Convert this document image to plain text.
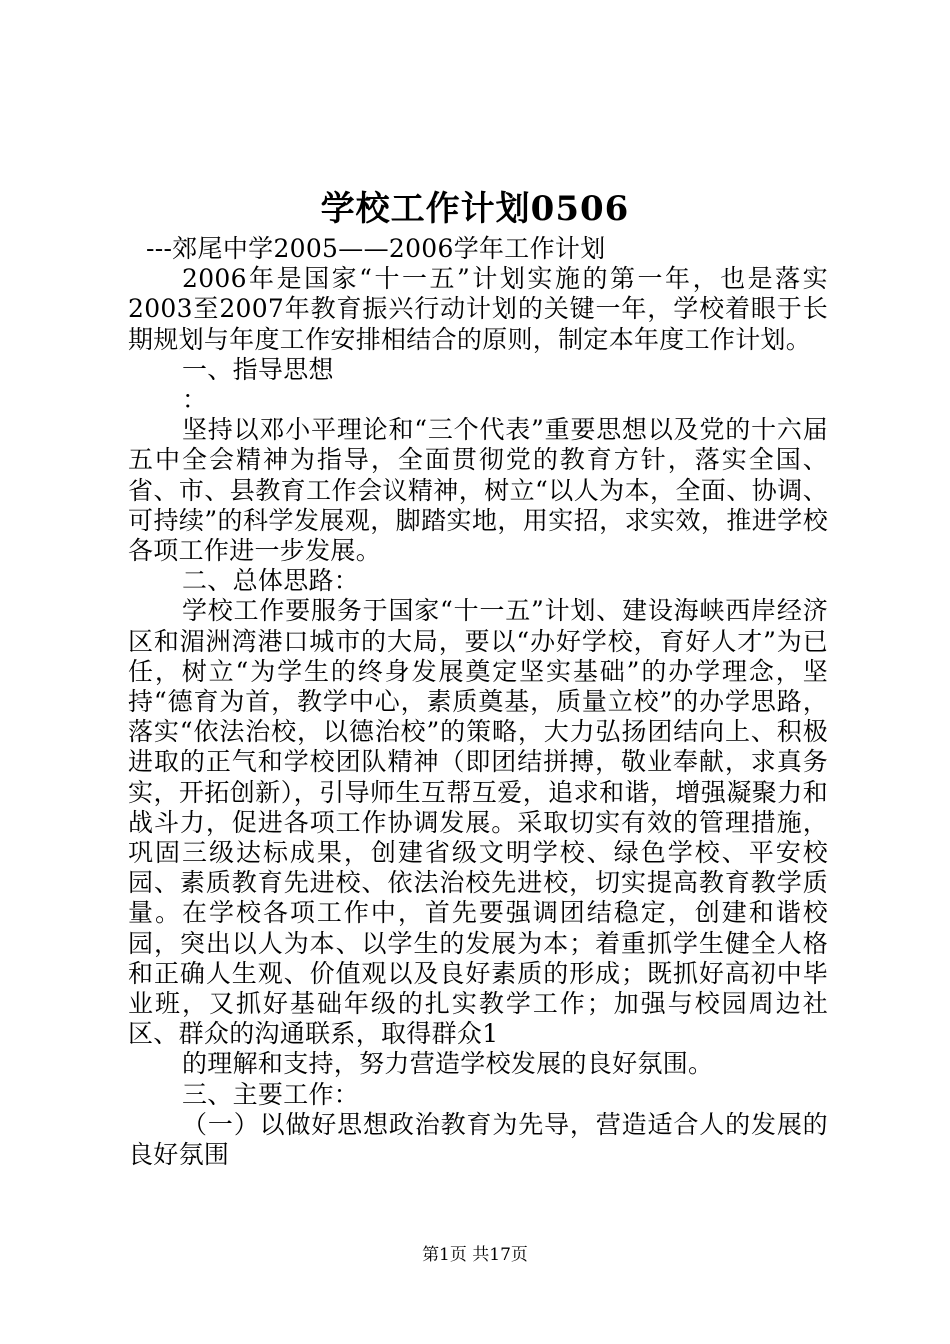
学校工作计划0506

---郊尾中学2005——2006学年工作计划

2006年是国家“十一五”计划实施的第一年，也是落实2003至2007年教育振兴行动计划的关键一年，学校着眼于长期规划与年度工作安排相结合的原则，制定本年度工作计划。

一、指导思想

：

坚持以邓小平理论和“三个代表”重要思想以及党的十六届五中全会精神为指导，全面贯彻党的教育方针，落实全国、省、市、县教育工作会议精神，树立“以人为本，全面、协调、可持续”的科学发展观，脚踏实地，用实招，求实效，推进学校各项工作进一步发展。

二、总体思路：

学校工作要服务于国家“十一五”计划、建设海峡西岸经济区和湄洲湾港口城市的大局，要以“办好学校，育好人才”为已任，树立“为学生的终身发展奠定坚实基础”的办学理念，坚持“德育为首，教学中心，素质奠基，质量立校”的办学思路，落实“依法治校，以德治校”的策略，大力弘扬团结向上、积极进取的正气和学校团队精神（即团结拼搏，敬业奉献，求真务实，开拓创新），引导师生互帮互爱，追求和谐，增强凝聚力和战斗力，促进各项工作协调发展。采取切实有效的管理措施，巩固三级达标成果，创建省级文明学校、绿色学校、平安校园、素质教育先进校、依法治校先进校，切实提高教育教学质量。在学校各项工作中，首先要强调团结稳定，创建和谐校园，突出以人为本、以学生的发展为本；着重抓学生健全人格和正确人生观、价值观以及良好素质的形成；既抓好高初中毕业班，又抓好基础年级的扎实教学工作；加强与校园周边社区、群众的沟通联系，取得群众1

的理解和支持，努力营造学校发展的良好氛围。

三、主要工作：

（一）以做好思想政治教育为先导，营造适合人的发展的良好氛围

第1页 共17页
